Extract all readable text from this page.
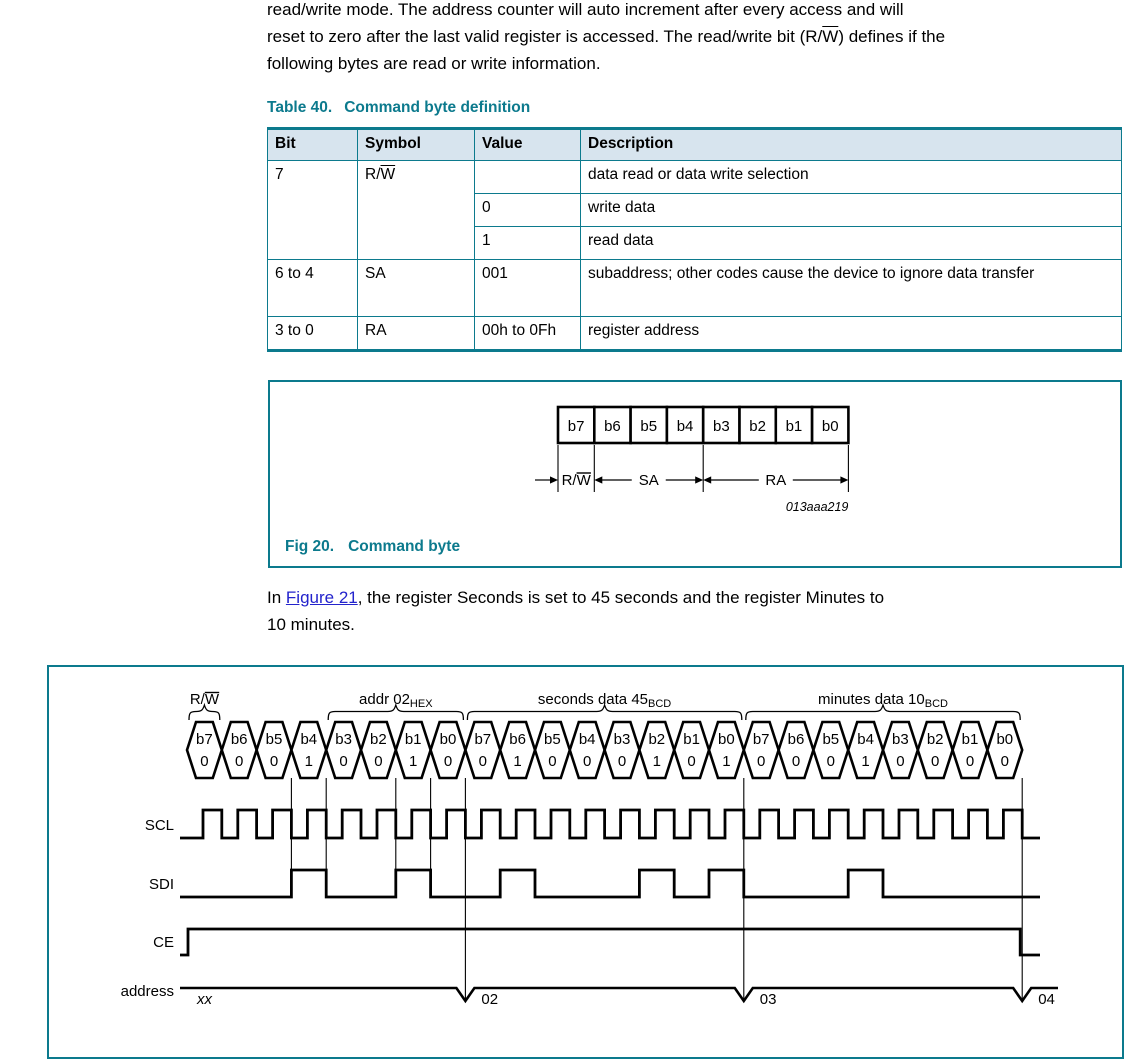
read/write mode. The address counter will auto increment after every access and will
reset to zero after the last valid register is accessed. The read/write bit $(R/\overline{W})$ defines if the
following bytes are read or write information.
Table 40. Command byte definition
Bit	Symbol	Value	Description
7	$R/\overline{W}$		data read or data write selection
		0	write data
		1	read data
6 to 4	SA	001	subaddress; other codes cause the device to ignore data transfer
3 to 0	RA	00h to 0Fh	register address
b7 b6 b5 b4 b3 b2 b1 b0
R/W	SA	RA
013aaa219
Fig 20. Command byte
In Figure 21, the register Seconds is set to 45 seconds and the register Minutes to
10 minutes.
b7
0
b6
0
b5
0
b4
1
b3
0
b2
0
b1
1
b0
0
b7
0
b6
1
b5
0
b4
0
b3
0
b2
1
b1
0
b0
1
b7
0
b6
0
b5
0
b4
1
b3
0
b2
0
b1
0
b0
0
R/W	addr $02_{HEX}$	seconds data $45_{BCD}$	minutes data $10_{BCD}$
xx	02	03	04
SCL
SDI
CE
address
